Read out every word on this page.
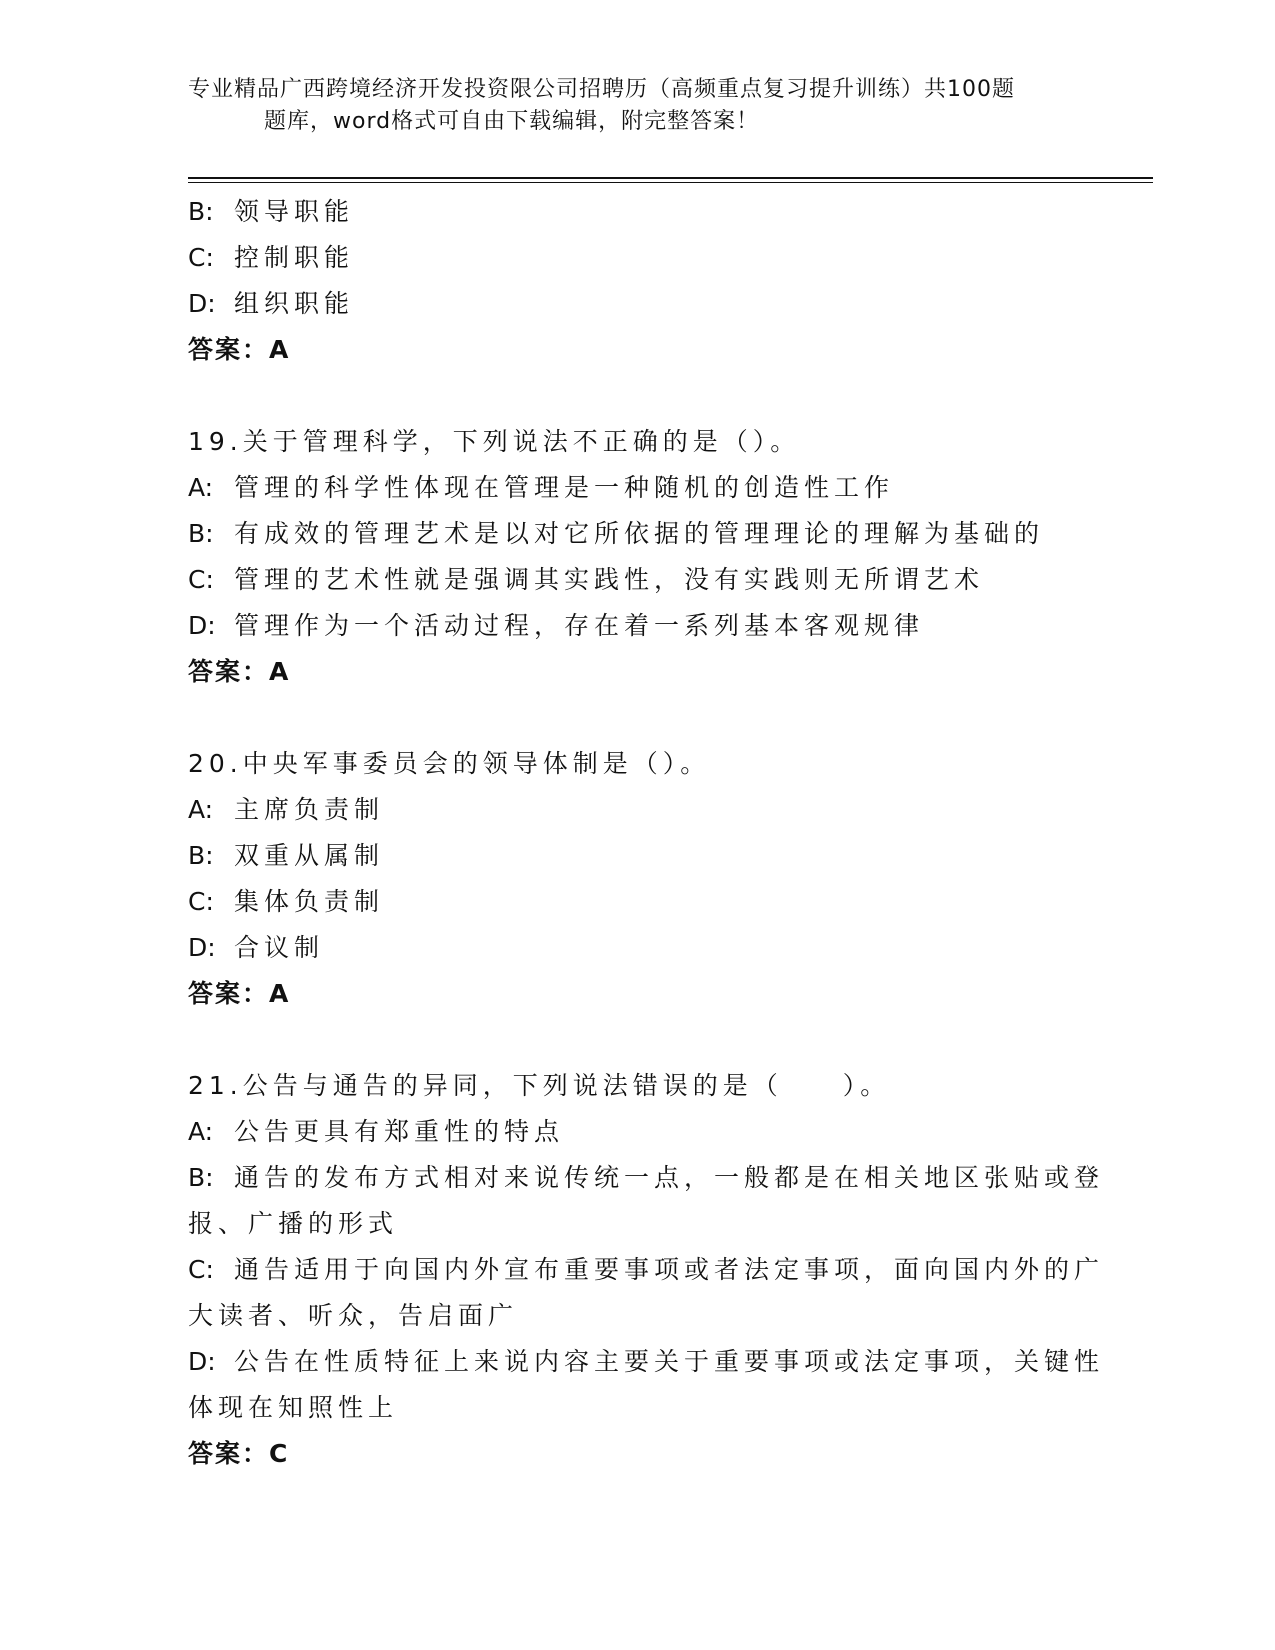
专业精品广西跨境经济开发投资限公司招聘历（高频重点复习提升训练）共100题
题库，word格式可自由下载编辑，附完整答案！
B: 领导职能
C: 控制职能
D: 组织职能
答案：A
19.关于管理科学，下列说法不正确的是（）。
A: 管理的科学性体现在管理是一种随机的创造性工作
B: 有成效的管理艺术是以对它所依据的管理理论的理解为基础的
C: 管理的艺术性就是强调其实践性，没有实践则无所谓艺术
D: 管理作为一个活动过程，存在着一系列基本客观规律
答案：A
20.中央军事委员会的领导体制是（）。
A: 主席负责制
B: 双重从属制
C: 集体负责制
D: 合议制
答案：A
21.公告与通告的异同，下列说法错误的是（　　）。
A: 公告更具有郑重性的特点
B: 通告的发布方式相对来说传统一点，一般都是在相关地区张贴或登
报、广播的形式
C: 通告适用于向国内外宣布重要事项或者法定事项，面向国内外的广
大读者、听众，告启面广
D: 公告在性质特征上来说内容主要关于重要事项或法定事项，关键性
体现在知照性上
答案：C
